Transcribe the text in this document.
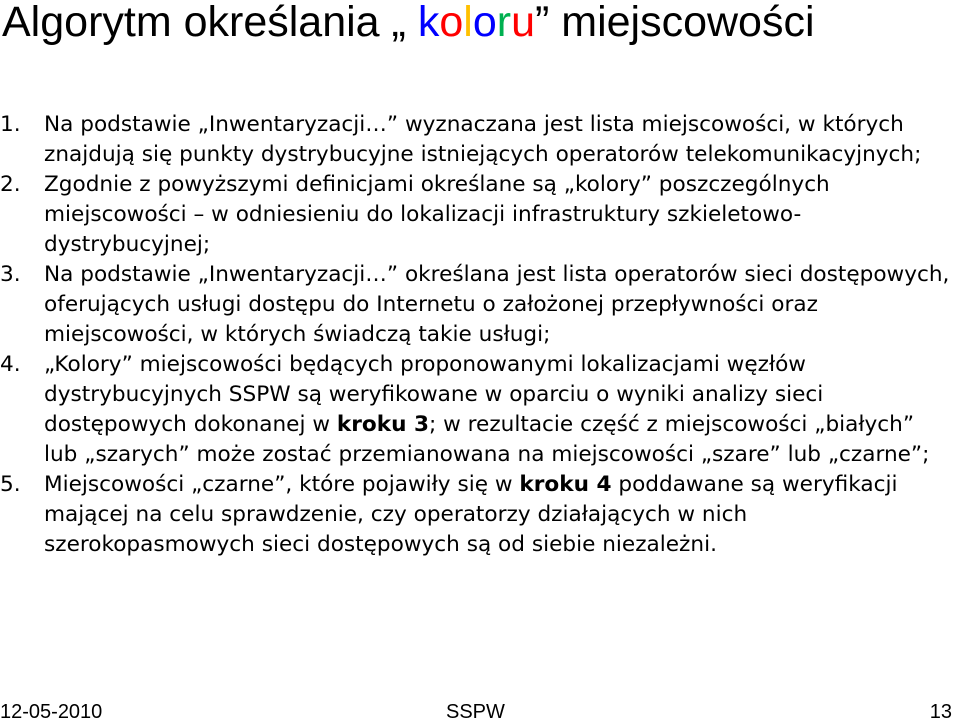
Algorytm określania „ koloru” miejscowości
1.	Na podstawie „Inwentaryzacji…” wyznaczana jest lista miejscowości, w których znajdują się punkty dystrybucyjne istniejących operatorów telekomunikacyjnych;
2.	Zgodnie z powyższymi definicjami określane są „kolory” poszczególnych miejscowości – w odniesieniu do lokalizacji infrastruktury szkieletowo-dystrybucyjnej;
3.	Na podstawie „Inwentaryzacji…” określana jest lista operatorów sieci dostępowych, oferujących usługi dostępu do Internetu o założonej przepływności oraz miejscowości, w których świadczą takie usługi;
4.	„Kolory” miejscowości będących proponowanymi lokalizacjami węzłów dystrybucyjnych SSPW są weryfikowane w oparciu o wyniki analizy sieci dostępowych dokonanej w kroku 3; w rezultacie część z miejscowości „białych” lub „szarych” może zostać przemianowana na miejscowości „szare” lub „czarne”;
5.	Miejscowości „czarne”, które pojawiły się w kroku 4 poddawane są weryfikacji mającej na celu sprawdzenie, czy operatorzy działających w nich szerokopasmowych sieci dostępowych są od siebie niezależni.
12-05-2010	SSPW	13
